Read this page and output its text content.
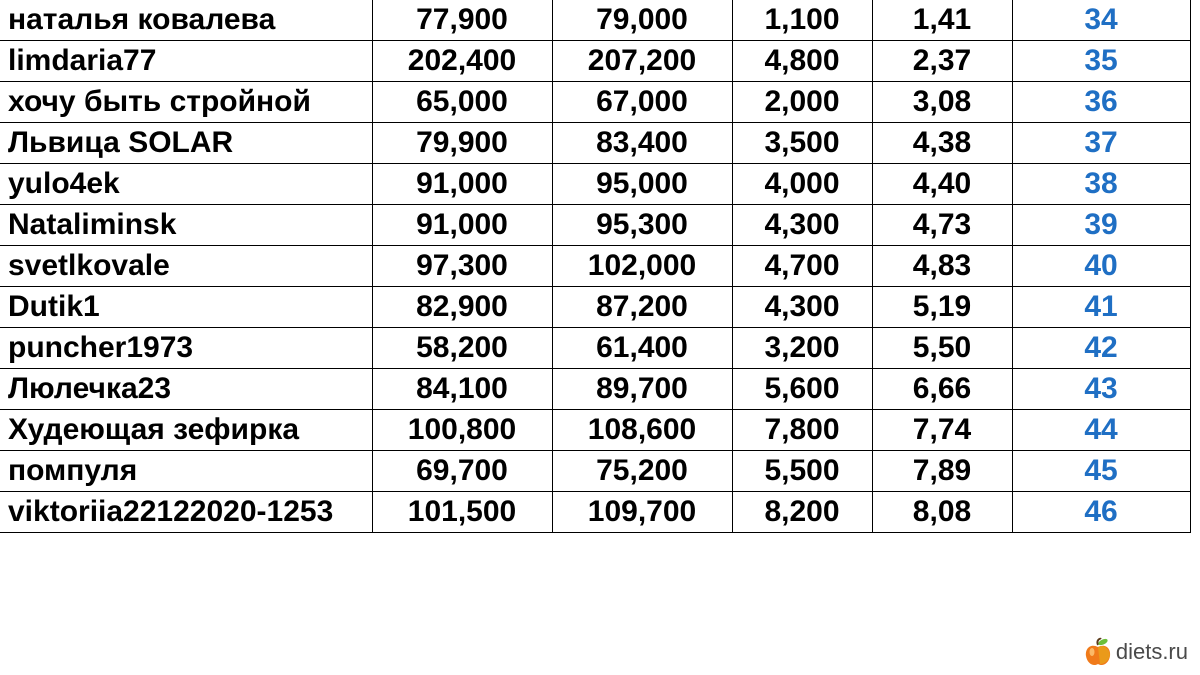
наталья ковалева	77,900	79,000	1,100	1,41	34
limdaria77	202,400	207,200	4,800	2,37	35
хочу быть стройной	65,000	67,000	2,000	3,08	36
Львица SOLAR	79,900	83,400	3,500	4,38	37
yulo4ek	91,000	95,000	4,000	4,40	38
Nataliminsk	91,000	95,300	4,300	4,73	39
svetlkovale	97,300	102,000	4,700	4,83	40
Dutik1	82,900	87,200	4,300	5,19	41
puncher1973	58,200	61,400	3,200	5,50	42
Люлечка23	84,100	89,700	5,600	6,66	43
Худеющая зефирка	100,800	108,600	7,800	7,74	44
помпуля	69,700	75,200	5,500	7,89	45
viktoriia22122020-1253	101,500	109,700	8,200	8,08	46
diets.ru
